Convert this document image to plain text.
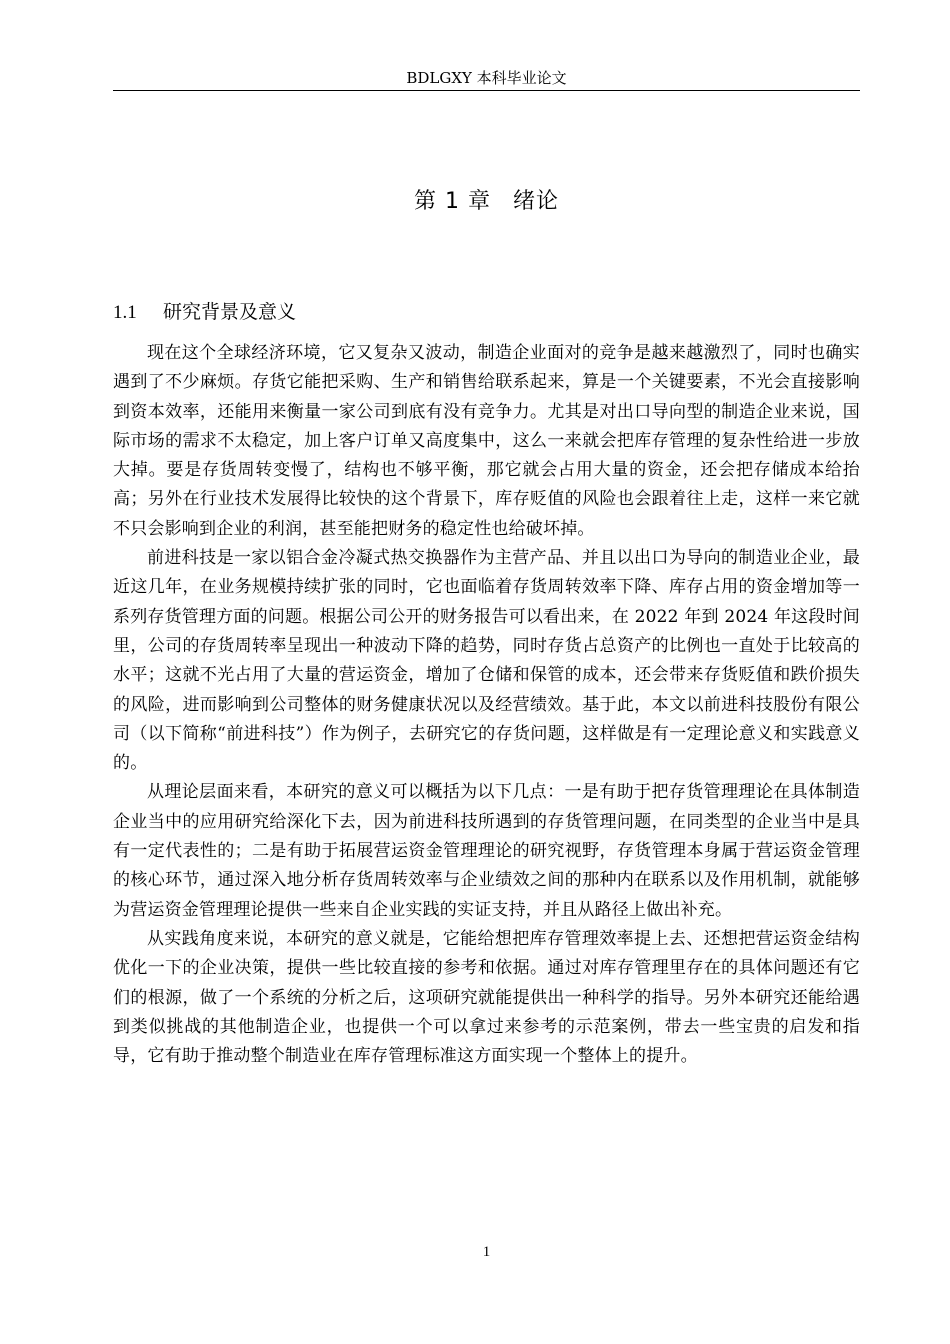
BDLGXY 本科毕业论文
第 1 章 绪论
1.1 研究背景及意义

现在这个全球经济环境，它又复杂又波动，制造企业面对的竞争是越来越激烈了，同时也确实遇到了不少麻烦。存货它能把采购、生产和销售给联系起来，算是一个关键要素，不光会直接影响到资本效率，还能用来衡量一家公司到底有没有竞争力。尤其是对出口导向型的制造企业来说，国际市场的需求不太稳定，加上客户订单又高度集中，这么一来就会把库存管理的复杂性给进一步放大掉。要是存货周转变慢了，结构也不够平衡，那它就会占用大量的资金，还会把存储成本给抬高；另外在行业技术发展得比较快的这个背景下，库存贬值的风险也会跟着往上走，这样一来它就不只会影响到企业的利润，甚至能把财务的稳定性也给破坏掉。

前进科技是一家以铝合金冷凝式热交换器作为主营产品、并且以出口为导向的制造业企业，最近这几年，在业务规模持续扩张的同时，它也面临着存货周转效率下降、库存占用的资金增加等一系列存货管理方面的问题。根据公司公开的财务报告可以看出来，在 2022 年到 2024 年这段时间里，公司的存货周转率呈现出一种波动下降的趋势，同时存货占总资产的比例也一直处于比较高的水平；这就不光占用了大量的营运资金，增加了仓储和保管的成本，还会带来存货贬值和跌价损失的风险，进而影响到公司整体的财务健康状况以及经营绩效。基于此，本文以前进科技股份有限公司（以下简称“前进科技”）作为例子，去研究它的存货问题，这样做是有一定理论意义和实践意义的。

从理论层面来看，本研究的意义可以概括为以下几点：一是有助于把存货管理理论在具体制造企业当中的应用研究给深化下去，因为前进科技所遇到的存货管理问题，在同类型的企业当中是具有一定代表性的；二是有助于拓展营运资金管理理论的研究视野，存货管理本身属于营运资金管理的核心环节，通过深入地分析存货周转效率与企业绩效之间的那种内在联系以及作用机制，就能够为营运资金管理理论提供一些来自企业实践的实证支持，并且从路径上做出补充。

从实践角度来说，本研究的意义就是，它能给想把库存管理效率提上去、还想把营运资金结构优化一下的企业决策，提供一些比较直接的参考和依据。通过对库存管理里存在的具体问题还有它们的根源，做了一个系统的分析之后，这项研究就能提供出一种科学的指导。另外本研究还能给遇到类似挑战的其他制造企业，也提供一个可以拿过来参考的示范案例，带去一些宝贵的启发和指导，它有助于推动整个制造业在库存管理标准这方面实现一个整体上的提升。

1
